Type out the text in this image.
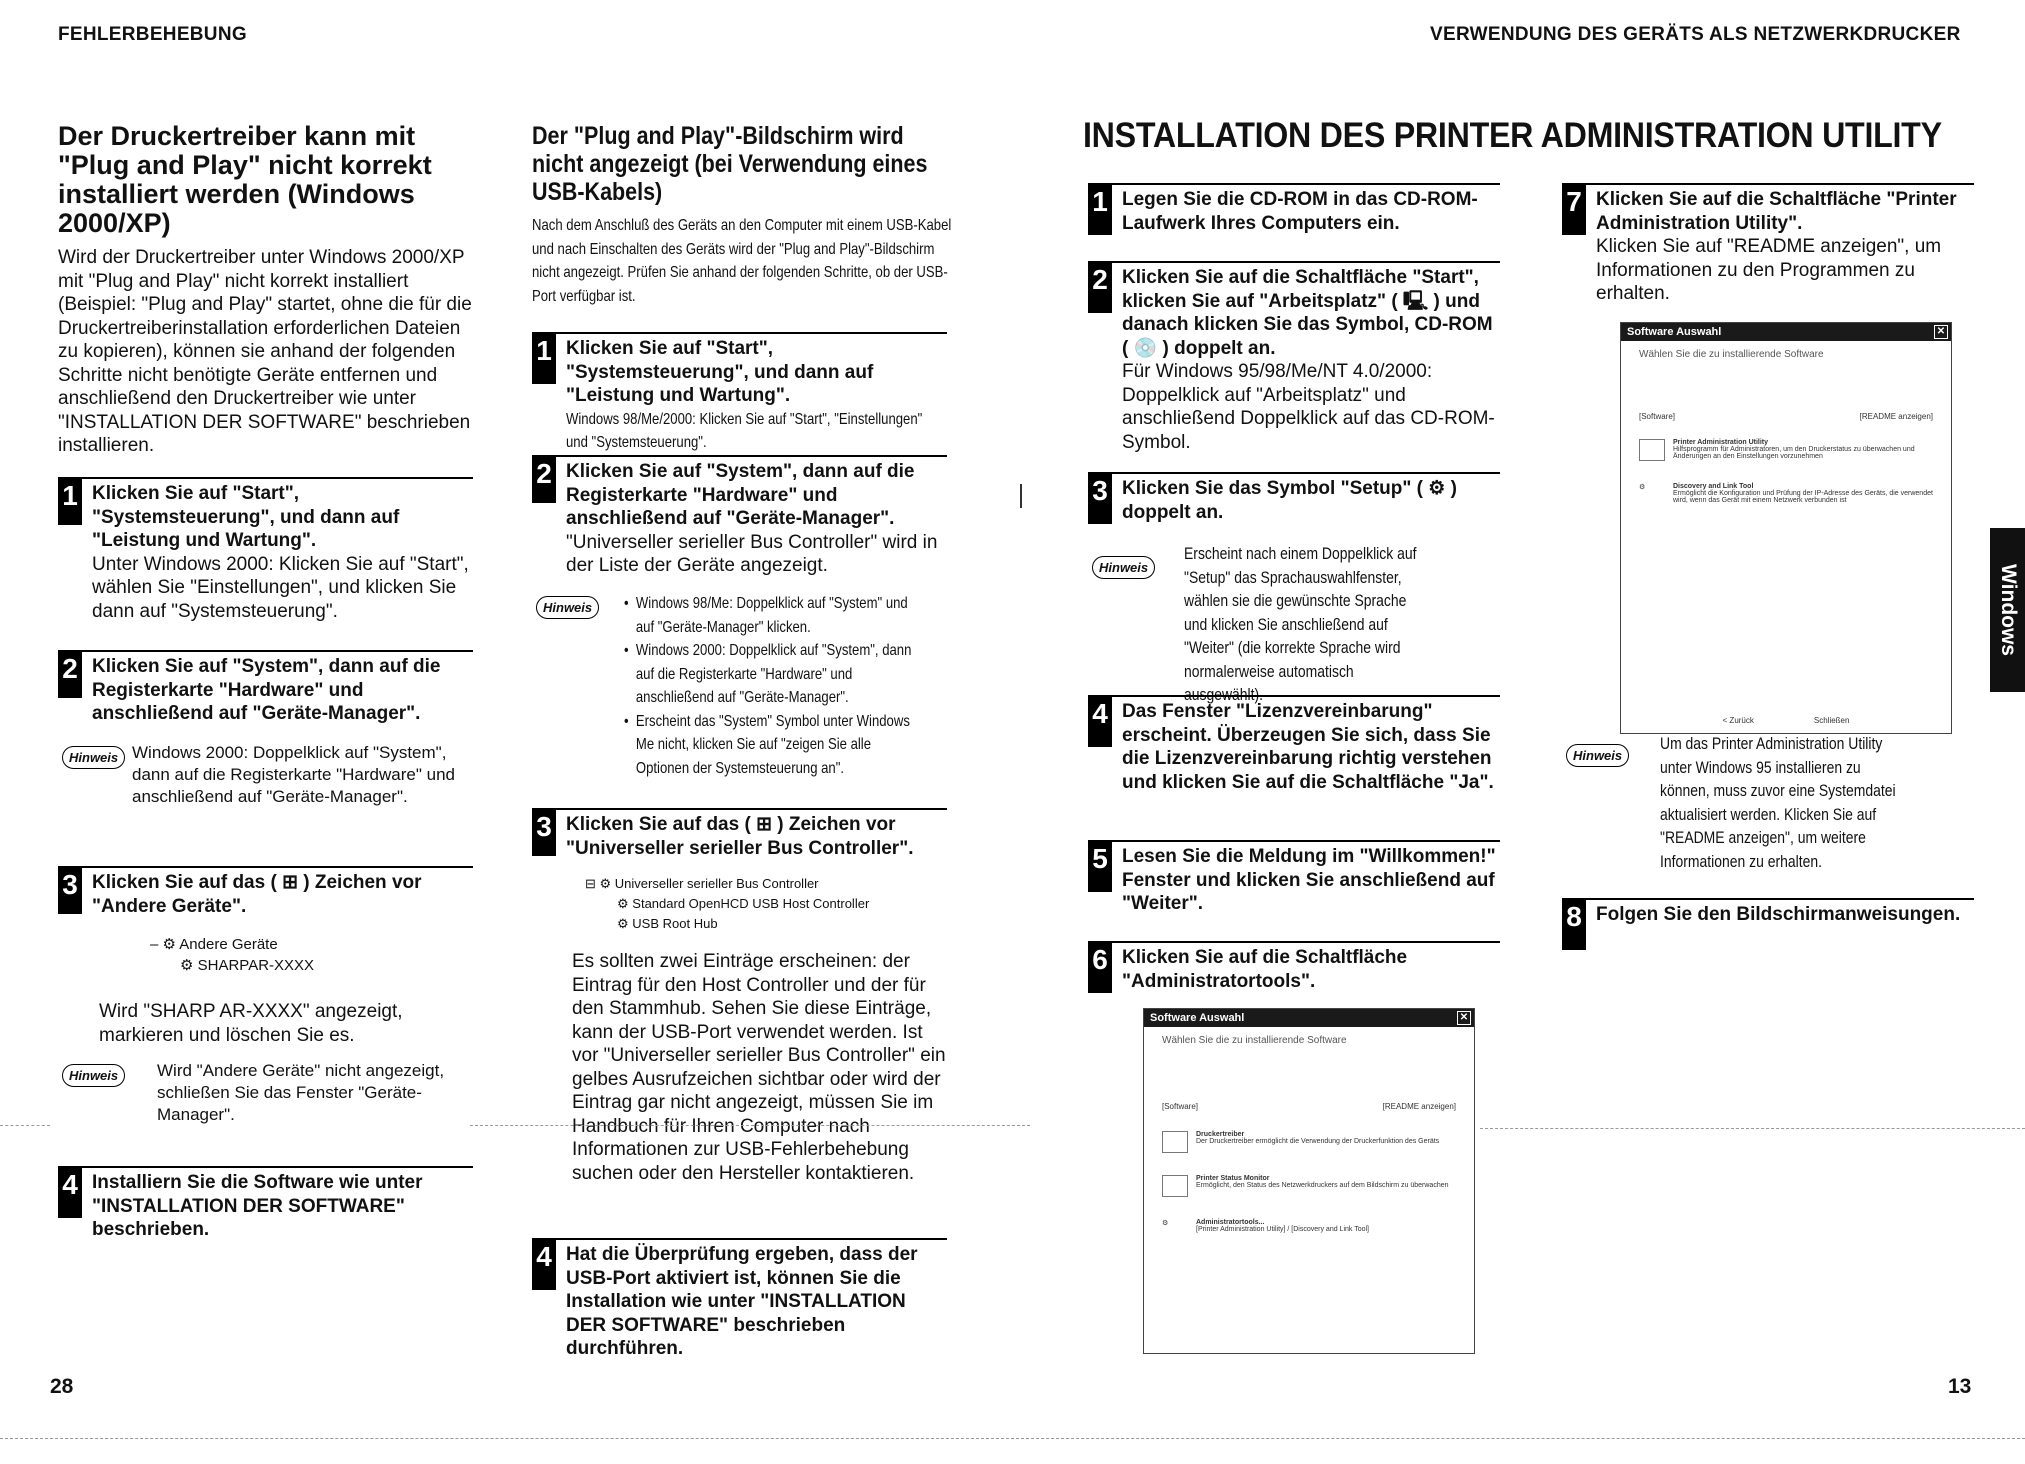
FEHLERBEHEBUNG	VERWENDUNG DES GERÄTS ALS NETZWERKDRUCKER
Der Druckertreiber kann mit "Plug and Play" nicht korrekt installiert werden (Windows 2000/XP)
Wird der Druckertreiber unter Windows 2000/XP mit "Plug and Play" nicht korrekt installiert (Beispiel: "Plug and Play" startet, ohne die für die Druckertreiberinstallation erforderlichen Dateien zu kopieren), können sie anhand der folgenden Schritte nicht benötigte Geräte entfernen und anschließend den Druckertreiber wie unter "INSTALLATION DER SOFTWARE" beschrieben installieren.
1 Klicken Sie auf "Start", "Systemsteuerung", und dann auf "Leistung und Wartung".
Unter Windows 2000: Klicken Sie auf "Start", wählen Sie "Einstellungen", und klicken Sie dann auf "Systemsteuerung".
2 Klicken Sie auf "System", dann auf die Registerkarte "Hardware" und anschließend auf "Geräte-Manager".
Hinweis Windows 2000: Doppelklick auf "System", dann auf die Registerkarte "Hardware" und anschließend auf "Geräte-Manager".
3 Klicken Sie auf das ( ⊞ ) Zeichen vor "Andere Geräte".
– ⚙ Andere Geräte
⚙ SHARPAR-XXXX
Wird "SHARP AR-XXXX" angezeigt, markieren und löschen Sie es.
Hinweis	Wird "Andere Geräte" nicht angezeigt, schließen Sie das Fenster "Geräte-Manager".
4 Installiern Sie die Software wie unter "INSTALLATION DER SOFTWARE" beschrieben.
Der "Plug and Play"-Bildschirm wird nicht angezeigt (bei Verwendung eines USB-Kabels)
Nach dem Anschluß des Geräts an den Computer mit einem USB-Kabel und nach Einschalten des Geräts wird der "Plug and Play"-Bildschirm nicht angezeigt. Prüfen Sie anhand der folgenden Schritte, ob der USB-Port verfügbar ist.
1 Klicken Sie auf "Start", "Systemsteuerung", und dann auf "Leistung und Wartung".
Windows 98/Me/2000: Klicken Sie auf "Start", "Einstellungen" und "Systemsteuerung".
2 Klicken Sie auf "System", dann auf die Registerkarte "Hardware" und anschließend auf "Geräte-Manager".
"Universeller serieller Bus Controller" wird in der Liste der Geräte angezeigt.
Hinweis	• Windows 98/Me: Doppelklick auf "System" und auf "Geräte-Manager" klicken.
• Windows 2000: Doppelklick auf "System", dann auf die Registerkarte "Hardware" und anschließend auf "Geräte-Manager".
• Erscheint das "System" Symbol unter Windows Me nicht, klicken Sie auf "zeigen Sie alle Optionen der Systemsteuerung an".
3 Klicken Sie auf das ( ⊞ ) Zeichen vor "Universeller serieller Bus Controller".
⊟ ⚙ Universeller serieller Bus Controller
⚙ Standard OpenHCD USB Host Controller
⚙ USB Root Hub
Es sollten zwei Einträge erscheinen: der Eintrag für den Host Controller und der für den Stammhub. Sehen Sie diese Einträge, kann der USB-Port verwendet werden. Ist vor "Universeller serieller Bus Controller" ein gelbes Ausrufzeichen sichtbar oder wird der Eintrag gar nicht angezeigt, müssen Sie im Handbuch für Ihren Computer nach Informationen zur USB-Fehlerbehebung suchen oder den Hersteller kontaktieren.
4 Hat die Überprüfung ergeben, dass der USB-Port aktiviert ist, können Sie die Installation wie unter "INSTALLATION DER SOFTWARE" beschrieben durchführen.
INSTALLATION DES PRINTER ADMINISTRATION UTILITY
1 Legen Sie die CD-ROM in das CD-ROM-Laufwerk Ihres Computers ein.
2 Klicken Sie auf die Schaltfläche "Start", klicken Sie auf "Arbeitsplatz" ( 🖳 ) und danach klicken Sie das Symbol, CD-ROM ( 💿 ) doppelt an.
Für Windows 95/98/Me/NT 4.0/2000: Doppelklick auf "Arbeitsplatz" und anschließend Doppelklick auf das CD-ROM-Symbol.
3 Klicken Sie das Symbol "Setup" ( ⚙ ) doppelt an.
Hinweis
Erscheint nach einem Doppelklick auf "Setup" das Sprachauswahlfenster, wählen sie die gewünschte Sprache und klicken Sie anschließend auf "Weiter" (die korrekte Sprache wird normalerweise automatisch ausgewählt).
4 Das Fenster "Lizenzvereinbarung" erscheint. Überzeugen Sie sich, dass Sie die Lizenzvereinbarung richtig verstehen und klicken Sie auf die Schaltfläche "Ja".
5 Lesen Sie die Meldung im "Willkommen!" Fenster und klicken Sie anschließend auf "Weiter".
6 Klicken Sie auf die Schaltfläche "Administratortools".
Software Auswahl	✕
Wählen Sie die zu installierende Software
[Software]	[README anzeigen]
Druckertreiber
Der Druckertreiber ermöglicht die Verwendung der Druckerfunktion des Geräts
Printer Status Monitor
Ermöglicht, den Status des Netzwerkdruckers auf dem Bildschirm zu überwachen
⚙	Administratortools...
[Printer Administration Utility] / [Discovery and Link Tool]
7 Klicken Sie auf die Schaltfläche "Printer Administration Utility".
Klicken Sie auf "README anzeigen", um Informationen zu den Programmen zu erhalten.
Software Auswahl	✕
Wählen Sie die zu installierende Software
[Software]	[README anzeigen]
Printer Administration Utility
Hilfsprogramm für Administratoren, um den Druckerstatus zu überwachen und Änderungen an den Einstellungen vorzunehmen
⚙	Discovery and Link Tool
Ermöglicht die Konfiguration und Prüfung der IP-Adresse des Geräts, die verwendet wird, wenn das Gerät mit einem Netzwerk verbunden ist
< Zurück	Schließen
Hinweis
Um das Printer Administration Utility unter Windows 95 installieren zu können, muss zuvor eine Systemdatei aktualisiert werden. Klicken Sie auf "README anzeigen", um weitere Informationen zu erhalten.
8 Folgen Sie den Bildschirmanweisungen.
Windows
28	13
